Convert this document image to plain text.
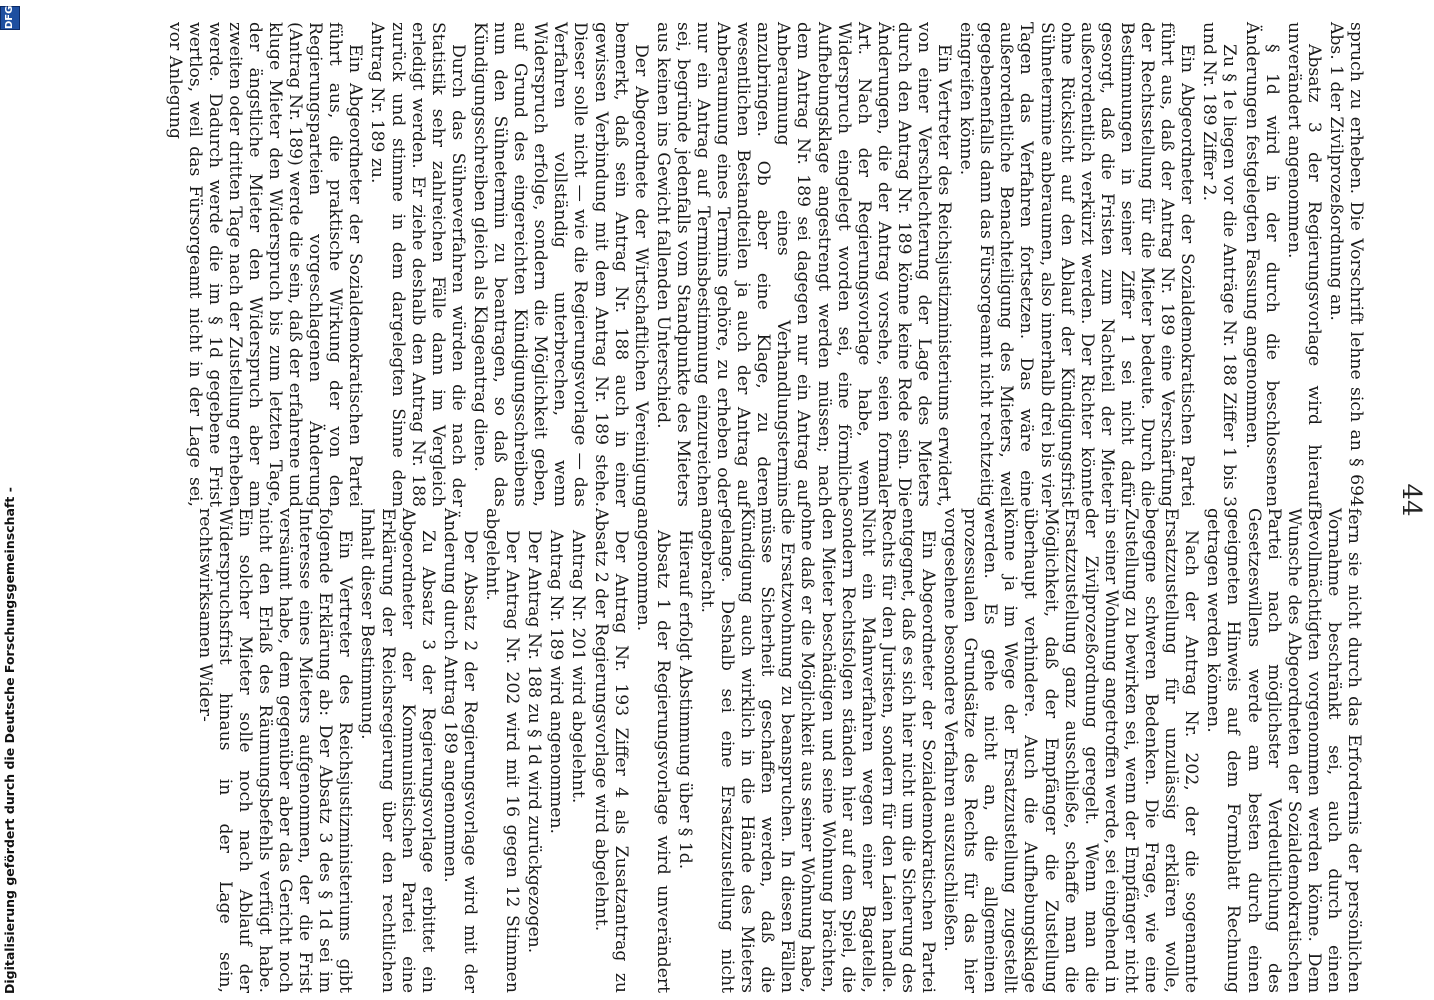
44

spruch zu erheben. Die Vorschrift lehne sich an § 694 Abs. 1 der Zivilprozeßordnung an.

Absatz 3 der Regierungsvorlage wird hierauf unverändert angenommen.

§ 1d wird in der durch die beschlossenen Änderungen festgelegten Fassung angenommen.

Zu § 1e liegen vor die Anträge Nr. 188 Ziffer 1 bis 3 und Nr. 189 Ziffer 2.

Ein Abgeordneter der Sozialdemokratischen Partei führt aus, daß der Antrag Nr. 189 eine Verschärfung der Rechtsstellung für die Mieter bedeute. Durch die Bestimmungen in seiner Ziffer 1 sei nicht dafür gesorgt, daß die Fristen zum Nachteil der Mieter außerordentlich verkürzt werden. Der Richter könnte ohne Rücksicht auf den Ablauf der Kündigungsfrist Sühnetermine anberaumen, also innerhalb drei bis vier Tagen das Verfahren fortsetzen. Das wäre eine außerordentliche Benachteiligung des Mieters, weil gegebenenfalls dann das Fürsorgeamt nicht rechtzeitig eingreifen könne.

Ein Vertreter des Reichsjustizministeriums erwidert, von einer Verschlechterung der Lage des Mieters durch den Antrag Nr. 189 könne keine Rede sein. Die Änderungen, die der Antrag vorsehe, seien formaler Art. Nach der Regierungsvorlage habe, wenn Widerspruch eingelegt worden sei, eine förmliche Aufhebungsklage angestrengt werden müssen; nach dem Antrag Nr. 189 sei dagegen nur ein Antrag auf Anberaumung eines Verhandlungstermins anzubringen. Ob aber eine Klage, zu deren wesentlichen Bestandteilen ja auch der Antrag auf Anberaumung eines Termins gehöre, zu erheben oder nur ein Antrag auf Terminsbestimmung einzureichen sei, begründe jedenfalls vom Standpunkte des Mieters aus keinen ins Gewicht fallenden Unterschied.

Der Abgeordnete der Wirtschaftlichen Vereinigung bemerkt, daß sein Antrag Nr. 188 auch in einer gewissen Verbindung mit dem Antrag Nr. 189 stehe. Dieser solle nicht — wie die Regierungsvorlage — das Verfahren vollständig unterbrechen, wenn Widerspruch erfolge, sondern die Möglichkeit geben, auf Grund des eingereichten Kündigungsschreibens nun den Sühnetermin zu beantragen, so daß das Kündigungsschreiben gleich als Klageantrag diene.

Durch das Sühneverfahren würden die nach der Statistik sehr zahlreichen Fälle dann im Vergleich erledigt werden. Er ziehe deshalb den Antrag Nr. 188 zurück und stimme in dem dargelegten Sinne dem Antrag Nr. 189 zu.

Ein Abgeordneter der Sozialdemokratischen Partei führt aus, die praktische Wirkung der von den Regierungsparteien vorgeschlagenen Änderung (Antrag Nr. 189) werde die sein, daß der erfahrene und kluge Mieter den Widerspruch bis zum letzten Tage, der ängstliche Mieter den Widerspruch aber am zweiten oder dritten Tage nach der Zustellung erheben werde. Dadurch werde die im § 1d gegebene Frist wertlos, weil das Fürsorgeamt nicht in der Lage sei, vor Anlegung

fern sie nicht durch das Erfordernis der persönlichen Vornahme beschränkt sei, auch durch einen Bevollmächtigten vorgenommen werden könne. Dem Wunsche des Abgeordneten der Sozialdemokratischen Partei nach möglichster Verdeutlichung des Gesetzeswillens werde am besten durch einen geeigneten Hinweis auf dem Formblatt Rechnung getragen werden können.

Nach der Antrag Nr. 202, der die sogenannte Ersatzzustellung für unzulässig erklären wolle, begegne schweren Bedenken. Die Frage, wie eine Zustellung zu bewirken sei, wenn der Empfänger nicht in seiner Wohnung angetroffen werde, sei eingehend in der Zivilprozeßordnung geregelt. Wenn man die Ersatzzustellung ganz ausschließe, schaffe man die Möglichkeit, daß der Empfänger die Zustellung überhaupt verhindere. Auch die Aufhebungsklage könne ja im Wege der Ersatzzustellung zugestellt werden. Es gehe nicht an, die allgemeinen prozessualen Grundsätze des Rechts für das hier vorgesehene besondere Verfahren auszuschließen.

Ein Abgeordneter der Sozialdemokratischen Partei entgegnet, daß es sich hier nicht um die Sicherung des Rechts für den Juristen, sondern für den Laien handle. Nicht ein Mahnverfahren wegen einer Bagatelle, sondern Rechtsfolgen ständen hier auf dem Spiel, die den Mieter beschädigen und seine Wohnung brächten, ohne daß er die Möglichkeit aus seiner Wohnung habe, die Ersatzwohnung zu beanspruchen. In diesen Fällen müsse Sicherheit geschaffen werden, daß die Kündigung auch wirklich in die Hände des Mieters gelange. Deshalb sei eine Ersatzzustellung nicht angebracht.

Hierauf erfolgt Abstimmung über § 1d.

Absatz 1 der Regierungsvorlage wird unverändert angenommen.

Der Antrag Nr. 193 Ziffer 4 als Zusatzantrag zu Absatz 2 der Regierungsvorlage wird abgelehnt.

Antrag Nr. 201 wird abgelehnt.

Antrag Nr. 189 wird angenommen.

Der Antrag Nr. 188 zu § 1d wird zurückgezogen.

Der Antrag Nr. 202 wird mit 16 gegen 12 Stimmen abgelehnt.

Der Absatz 2 der Regierungsvorlage wird mit der Änderung durch Antrag 189 angenommen.

Zu Absatz 3 der Regierungsvorlage erbittet ein Abgeordneter der Kommunistischen Partei eine Erklärung der Reichsregierung über den rechtlichen Inhalt dieser Bestimmung.

Ein Vertreter des Reichsjustizministeriums gibt folgende Erklärung ab: Der Absatz 3 des § 1d sei im Interesse eines Mieters aufgenommen, der die Frist versäumt habe, dem gegenüber aber das Gericht noch nicht den Erlaß des Räumungsbefehls verfügt habe. Ein solcher Mieter solle noch nach Ablauf der Widerspruchsfrist hinaus in der Lage sein, rechtswirksamen Wider-

Digitalisierung gefördert durch die Deutsche Forschungsgemeinschaft -
DFG
